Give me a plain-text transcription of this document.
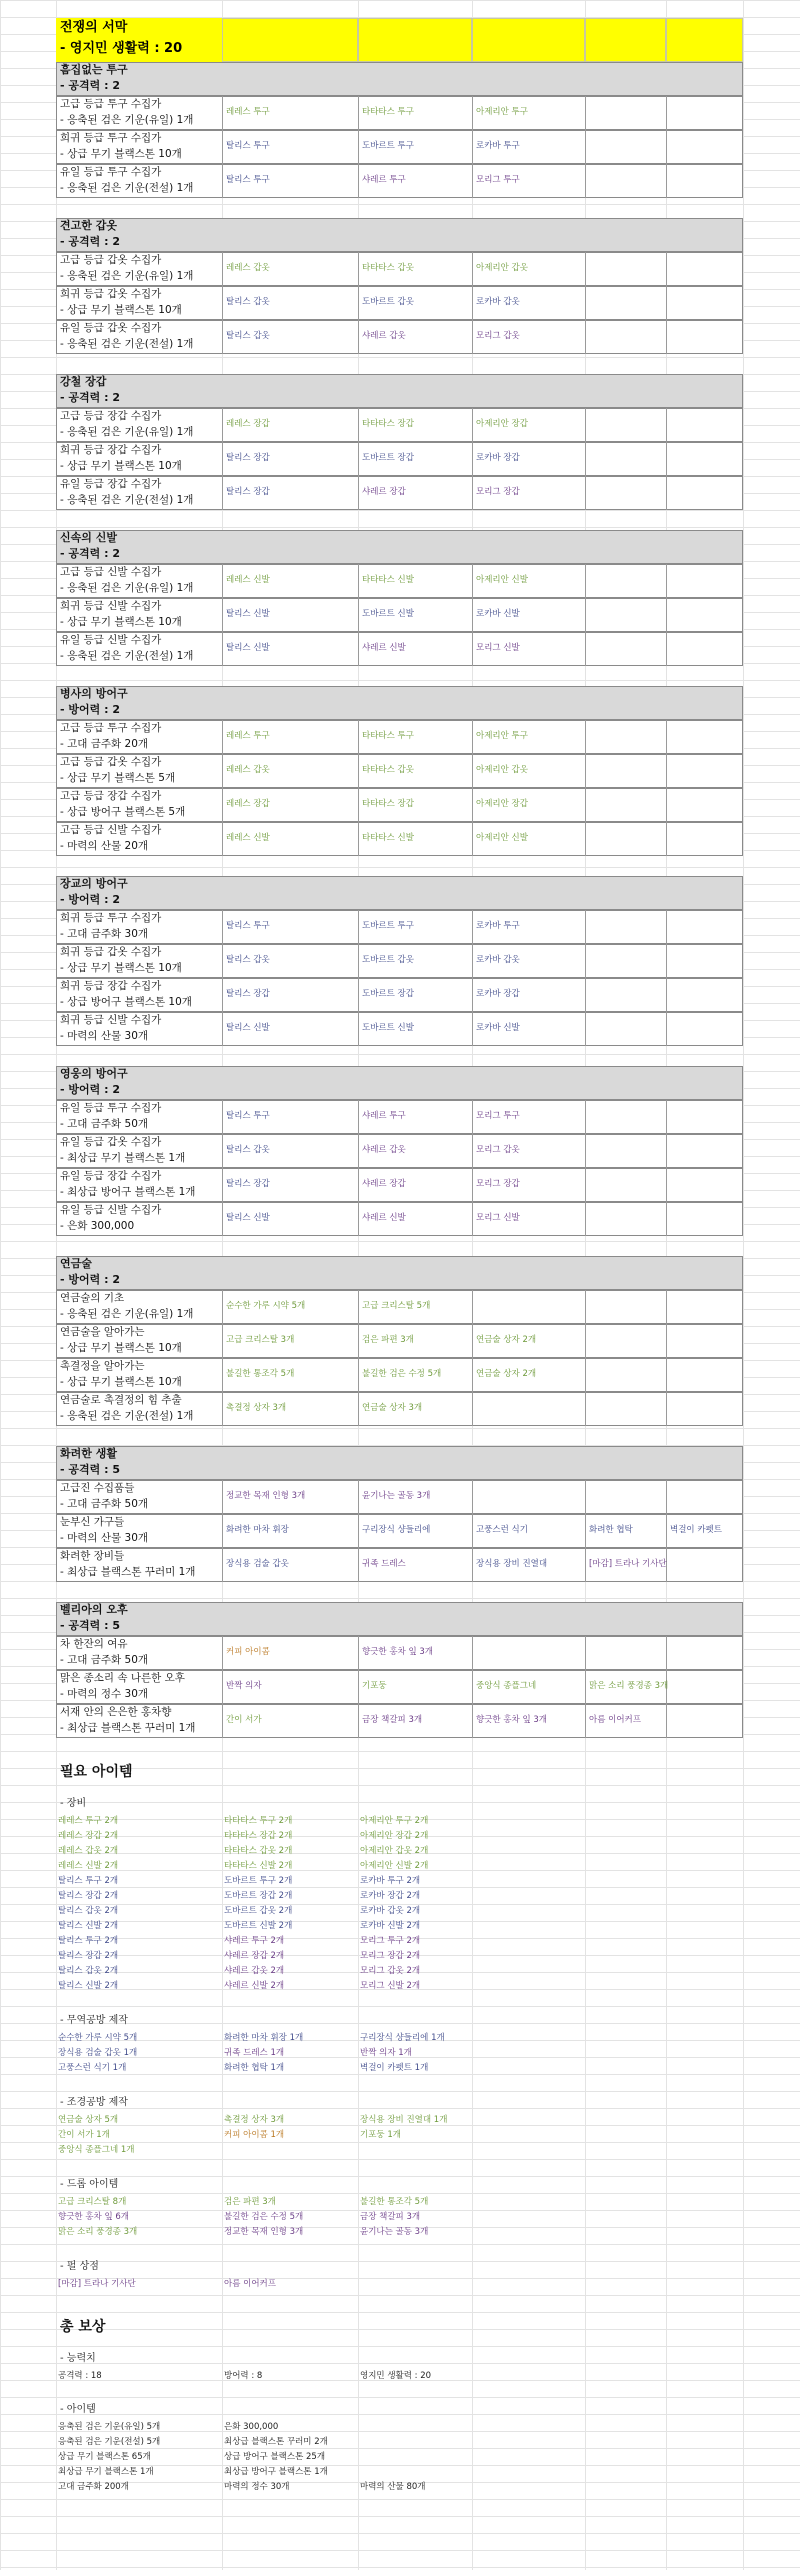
전쟁의 서막
- 영지민 생활력 : 20
흠집없는 투구
- 공격력 : 2
고급 등급 투구 수집가
- 응축된 검은 기운(유일) 1개
레레스 투구	타타타스 투구	아제리안 투구
희귀 등급 투구 수집가
- 상급 무기 블랙스톤 10개
탈리스 투구	도바르트 투구	로카바 투구
유일 등급 투구 수집가
- 응축된 검은 기운(전설) 1개
탈리스 투구	샤레르 투구	모리그 투구
견고한 갑옷
- 공격력 : 2
고급 등급 갑옷 수집가
- 응축된 검은 기운(유일) 1개
레레스 갑옷	타타타스 갑옷	아제리안 갑옷
희귀 등급 갑옷 수집가
- 상급 무기 블랙스톤 10개
탈리스 갑옷	도바르트 갑옷	로카바 갑옷
유일 등급 갑옷 수집가
- 응축된 검은 기운(전설) 1개
탈리스 갑옷	샤레르 갑옷	모리그 갑옷
강철 장갑
- 공격력 : 2
고급 등급 장갑 수집가
- 응축된 검은 기운(유일) 1개
레레스 장갑	타타타스 장갑	아제리안 장갑
희귀 등급 장갑 수집가
- 상급 무기 블랙스톤 10개
탈리스 장갑	도바르트 장갑	로카바 장갑
유일 등급 장갑 수집가
- 응축된 검은 기운(전설) 1개
탈리스 장갑	샤레르 장갑	모리그 장갑
신속의 신발
- 공격력 : 2
고급 등급 신발 수집가
- 응축된 검은 기운(유일) 1개
레레스 신발	타타타스 신발	아제리안 신발
희귀 등급 신발 수집가
- 상급 무기 블랙스톤 10개
탈리스 신발	도바르트 신발	로카바 신발
유일 등급 신발 수집가
- 응축된 검은 기운(전설) 1개
탈리스 신발	샤레르 신발	모리그 신발
병사의 방어구
- 방어력 : 2
고급 등급 투구 수집가
- 고대 금주화 20개
레레스 투구	타타타스 투구	아제리안 투구
고급 등급 갑옷 수집가
- 상급 무기 블랙스톤 5개
레레스 갑옷	타타타스 갑옷	아제리안 갑옷
고급 등급 장갑 수집가
- 상급 방어구 블랙스톤 5개
레레스 장갑	타타타스 장갑	아제리안 장갑
고급 등급 신발 수집가
- 마력의 산물 20개
레레스 신발	타타타스 신발	아제리안 신발
장교의 방어구
- 방어력 : 2
희귀 등급 투구 수집가
- 고대 금주화 30개
탈리스 투구	도바르트 투구	로카바 투구
희귀 등급 갑옷 수집가
- 상급 무기 블랙스톤 10개
탈리스 갑옷	도바르트 갑옷	로카바 갑옷
희귀 등급 장갑 수집가
- 상급 방어구 블랙스톤 10개
탈리스 장갑	도바르트 장갑	로카바 장갑
희귀 등급 신발 수집가
- 마력의 산물 30개
탈리스 신발	도바르트 신발	로카바 신발
영웅의 방어구
- 방어력 : 2
유일 등급 투구 수집가
- 고대 금주화 50개
탈리스 투구	샤레르 투구	모리그 투구
유일 등급 갑옷 수집가
- 최상급 무기 블랙스톤 1개
탈리스 갑옷	샤레르 갑옷	모리그 갑옷
유일 등급 장갑 수집가
- 최상급 방어구 블랙스톤 1개
탈리스 장갑	샤레르 장갑	모리그 장갑
유일 등급 신발 수집가
- 은화 300,000
탈리스 신발	샤레르 신발	모리그 신발
연금술
- 방어력 : 2
연금술의 기초
- 응축된 검은 기운(유일) 1개
순수한 가루 시약 5개	고급 크리스탈 5개
연금술을 알아가는
- 상급 무기 블랙스톤 10개
고급 크리스탈 3개	검은 파편 3개	연금술 상자 2개
촉결정을 알아가는
- 상급 무기 블랙스톤 10개
불길한 통조각 5개	불길한 검은 수정 5개	연금술 상자 2개
연금술로 촉결정의 힘 추출
- 응축된 검은 기운(전설) 1개
촉결정 상자 3개	연금술 상자 3개
화려한 생활
- 공격력 : 5
고급진 수집품들
- 고대 금주화 50개
정교한 목재 인형 3개	윤기나는 골동 3개
눈부신 가구들
- 마력의 산물 30개
화려한 마차 휘장	구리장식 샹들리에	고풍스런 식기	화려한 협탁	벽걸이 카펫트
화려한 장비들
- 최상급 블랙스톤 꾸러미 1개
장식용 검술 갑옷	귀족 드레스	장식용 장비 진열대	[마감] 트라나 기사단
벨리아의 오후
- 공격력 : 5
차 한잔의 여유
- 고대 금주화 50개
커피 아이콤	향긋한 홍차 잎 3개
맑은 종소리 속 나른한 오후
- 마력의 정수 30개
반짝 의자	기포둥	중앙식 종플그네	맑은 소리 풍경종 3개
서재 안의 은은한 홍차향
- 최상급 블랙스톤 꾸러미 1개
간이 서가	금장 책갈피 3개	향긋한 홍차 잎 3개	아름 이어커프
필요 아이템
- 장비
레레스 투구 2개	타타타스 투구 2개	아제리안 투구 2개
레레스 장갑 2개	타타타스 장갑 2개	아제리안 장갑 2개
레레스 갑옷 2개	타타타스 갑옷 2개	아제리안 갑옷 2개
레레스 신발 2개	타타타스 신발 2개	아제리안 신발 2개
탈리스 투구 2개	도바르트 투구 2개	로카바 투구 2개
탈리스 장갑 2개	도바르트 장갑 2개	로카바 장갑 2개
탈리스 갑옷 2개	도바르트 갑옷 2개	로카바 갑옷 2개
탈리스 신발 2개	도바르트 신발 2개	로카바 신발 2개
탈리스 투구 2개	샤레르 투구 2개	모리그 투구 2개
탈리스 장갑 2개	샤레르 장갑 2개	모리그 장갑 2개
탈리스 갑옷 2개	샤레르 갑옷 2개	모리그 갑옷 2개
탈리스 신발 2개	샤레르 신발 2개	모리그 신발 2개
- 무역공방 제작
순수한 가루 시약 5개	화려한 마차 휘장 1개	구리장식 샹들리에 1개
장식용 검술 갑옷 1개	귀족 드레스 1개	반짝 의자 1개
고풍스런 식기 1개	화려한 협탁 1개	벽걸이 카펫트 1개
- 조경공방 제작
연금술 상자 5개	촉결정 상자 3개	장식용 장비 진열대 1개
간이 서가 1개	커피 아이콤 1개	기포둥 1개
중앙식 종플그네 1개
- 드롭 아이템
고급 크리스탈 8개	검은 파편 3개	불길한 통조각 5개
향긋한 홍차 잎 6개	불길한 검은 수정 5개	금장 책갈피 3개
맑은 소리 풍경종 3개	정교한 목재 인형 3개	윤기나는 골동 3개
- 펄 상점
[마감] 트라나 기사단	아름 이어커프
총 보상
- 능력치
공격력 : 18	방어력 : 8	영지민 생활력 : 20
- 아이템
응축된 검은 기운(유일) 5개	은화 300,000
응축된 검은 기운(전설) 5개	최상급 블랙스톤 꾸러미 2개
상급 무기 블랙스톤 65개	상급 방어구 블랙스톤 25개
최상급 무기 블랙스톤 1개	최상급 방어구 블랙스톤 1개
고대 금주화 200개	마력의 정수 30개	마력의 산물 80개
